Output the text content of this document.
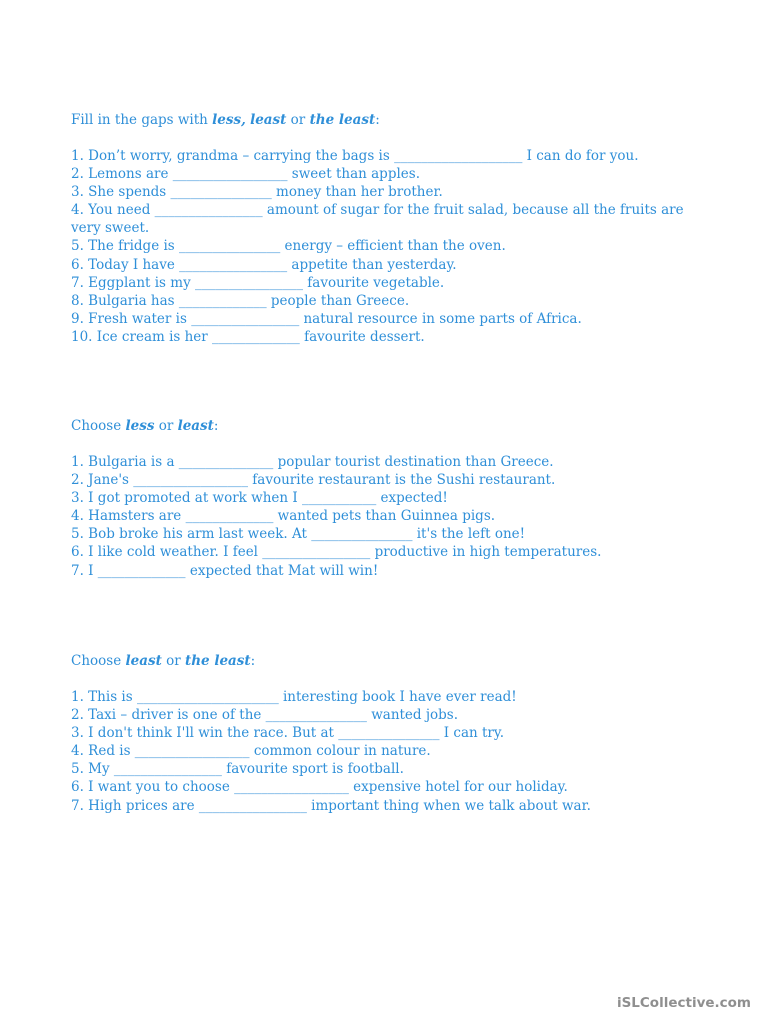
Fill in the gaps with less, least or the least:
1. Don’t worry, grandma – carrying the bags is ___________________ I can do for you.
2. Lemons are _________________ sweet than apples.
3. She spends _______________ money than her brother.
4. You need ________________ amount of sugar for the fruit salad, because all the fruits are very sweet.
5. The fridge is _______________ energy – efficient than the oven.
6. Today I have ________________ appetite than yesterday.
7. Eggplant is my ________________ favourite vegetable.
8. Bulgaria has _____________ people than Greece.
9. Fresh water is ________________ natural resource in some parts of Africa.
10. Ice cream is her _____________ favourite dessert.
Choose less or least:
1. Bulgaria is a ______________ popular tourist destination than Greece.
2. Jane's _________________ favourite restaurant is the Sushi restaurant.
3. I got promoted at work when I ___________ expected!
4. Hamsters are _____________ wanted pets than Guinnea pigs.
5. Bob broke his arm last week. At _______________ it's the left one!
6. I like cold weather. I feel ________________ productive in high temperatures.
7. I _____________ expected that Mat will win!
Choose least or the least:
1. This is _____________________ interesting book I have ever read!
2. Taxi – driver is one of the _______________ wanted jobs.
3. I don't think I'll win the race. But at _______________ I can try.
4. Red is _________________ common colour in nature.
5. My ________________ favourite sport is football.
6. I want you to choose _________________ expensive hotel for our holiday.
7. High prices are ________________ important thing when we talk about war.
iSLCollective.com
